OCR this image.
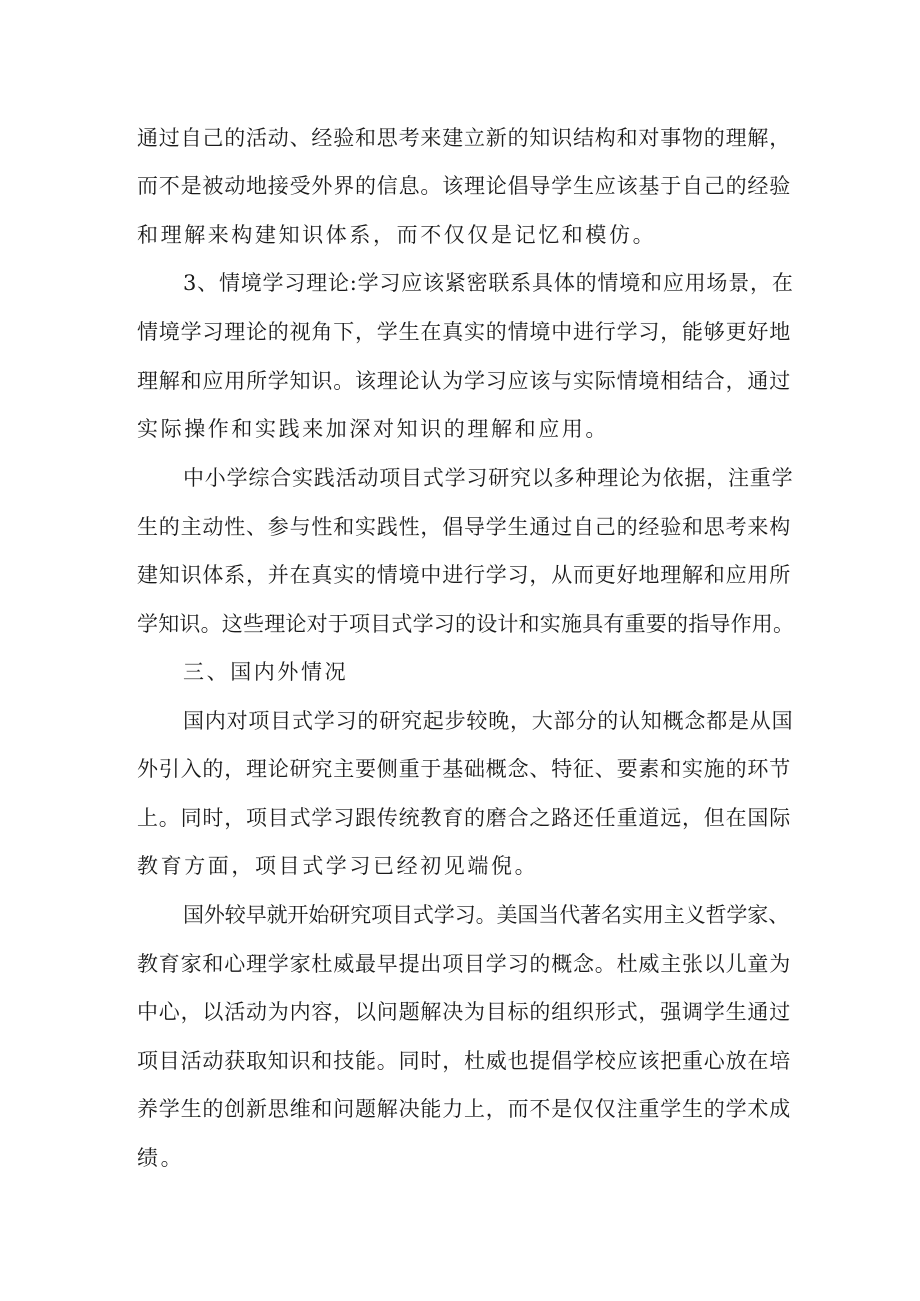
通过自己的活动、经验和思考来建立新的知识结构和对事物的理解，
而不是被动地接受外界的信息。该理论倡导学生应该基于自己的经验
和理解来构建知识体系，而不仅仅是记忆和模仿。
3、情境学习理论:学习应该紧密联系具体的情境和应用场景，在
情境学习理论的视角下，学生在真实的情境中进行学习，能够更好地
理解和应用所学知识。该理论认为学习应该与实际情境相结合，通过
实际操作和实践来加深对知识的理解和应用。
中小学综合实践活动项目式学习研究以多种理论为依据，注重学
生的主动性、参与性和实践性，倡导学生通过自己的经验和思考来构
建知识体系，并在真实的情境中进行学习，从而更好地理解和应用所
学知识。这些理论对于项目式学习的设计和实施具有重要的指导作用。
三、国内外情况
国内对项目式学习的研究起步较晚，大部分的认知概念都是从国
外引入的，理论研究主要侧重于基础概念、特征、要素和实施的环节
上。同时，项目式学习跟传统教育的磨合之路还任重道远，但在国际
教育方面，项目式学习已经初见端倪。
国外较早就开始研究项目式学习。美国当代著名实用主义哲学家、
教育家和心理学家杜威最早提出项目学习的概念。杜威主张以儿童为
中心，以活动为内容，以问题解决为目标的组织形式，强调学生通过
项目活动获取知识和技能。同时，杜威也提倡学校应该把重心放在培
养学生的创新思维和问题解决能力上，而不是仅仅注重学生的学术成
绩。
